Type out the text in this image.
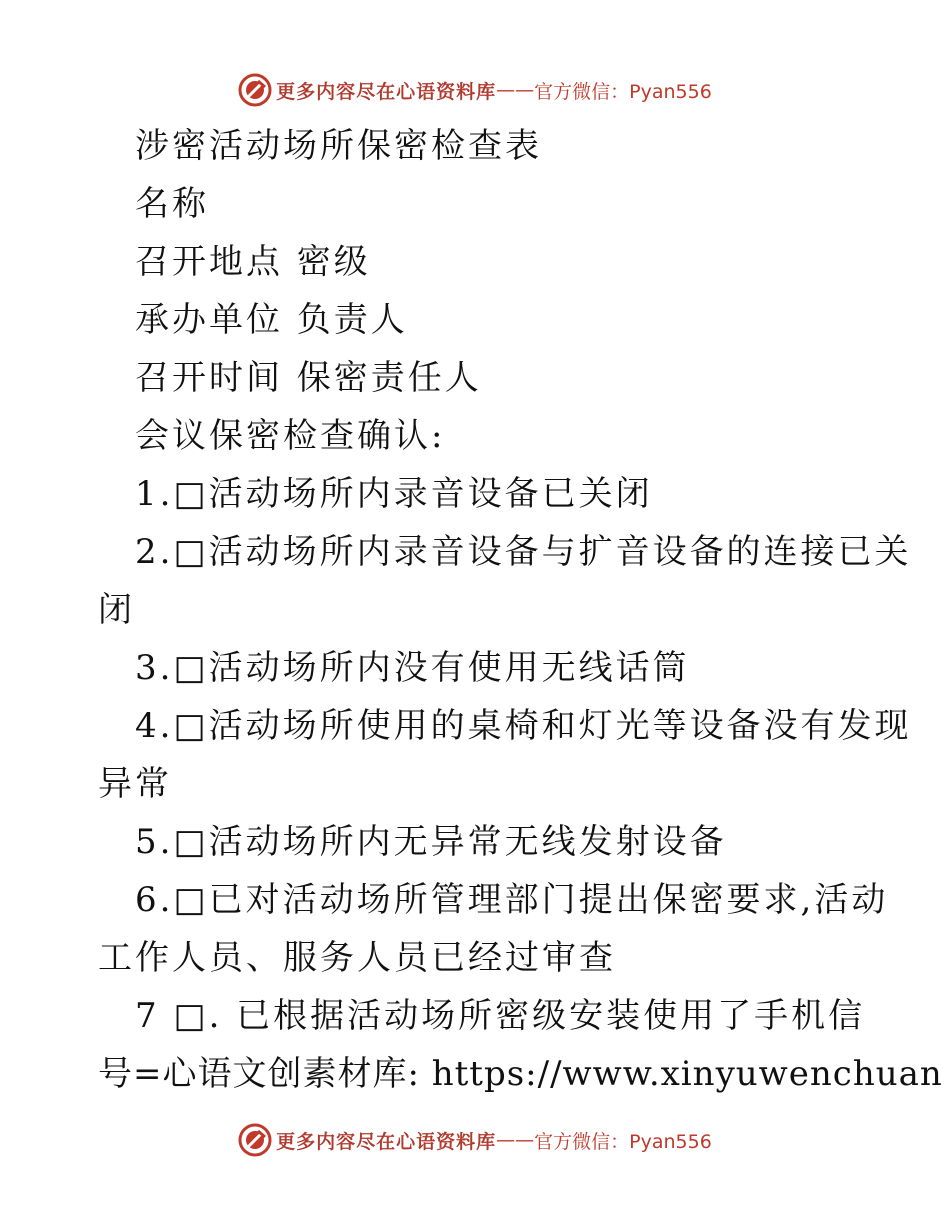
更多内容尽在心语资料库 —— 官方微信：Pyan556
涉密活动场所保密检查表
名称
召开地点 密级
承办单位 负责人
召开时间 保密责任人
会议保密检查确认:
1.□活动场所内录音设备已关闭
2.□活动场所内录音设备与扩音设备的连接已关
闭
3.□活动场所内没有使用无线话筒
4.□活动场所使用的桌椅和灯光等设备没有发现
异常
5.□活动场所内无异常无线发射设备
6.□已对活动场所管理部门提出保密要求,活动
工作人员、服务人员已经过审查
7 □. 已根据活动场所密级安装使用了手机信
号=心语文创素材库: https://www.xinyuwenchuan
更多内容尽在心语资料库 —— 官方微信：Pyan556
